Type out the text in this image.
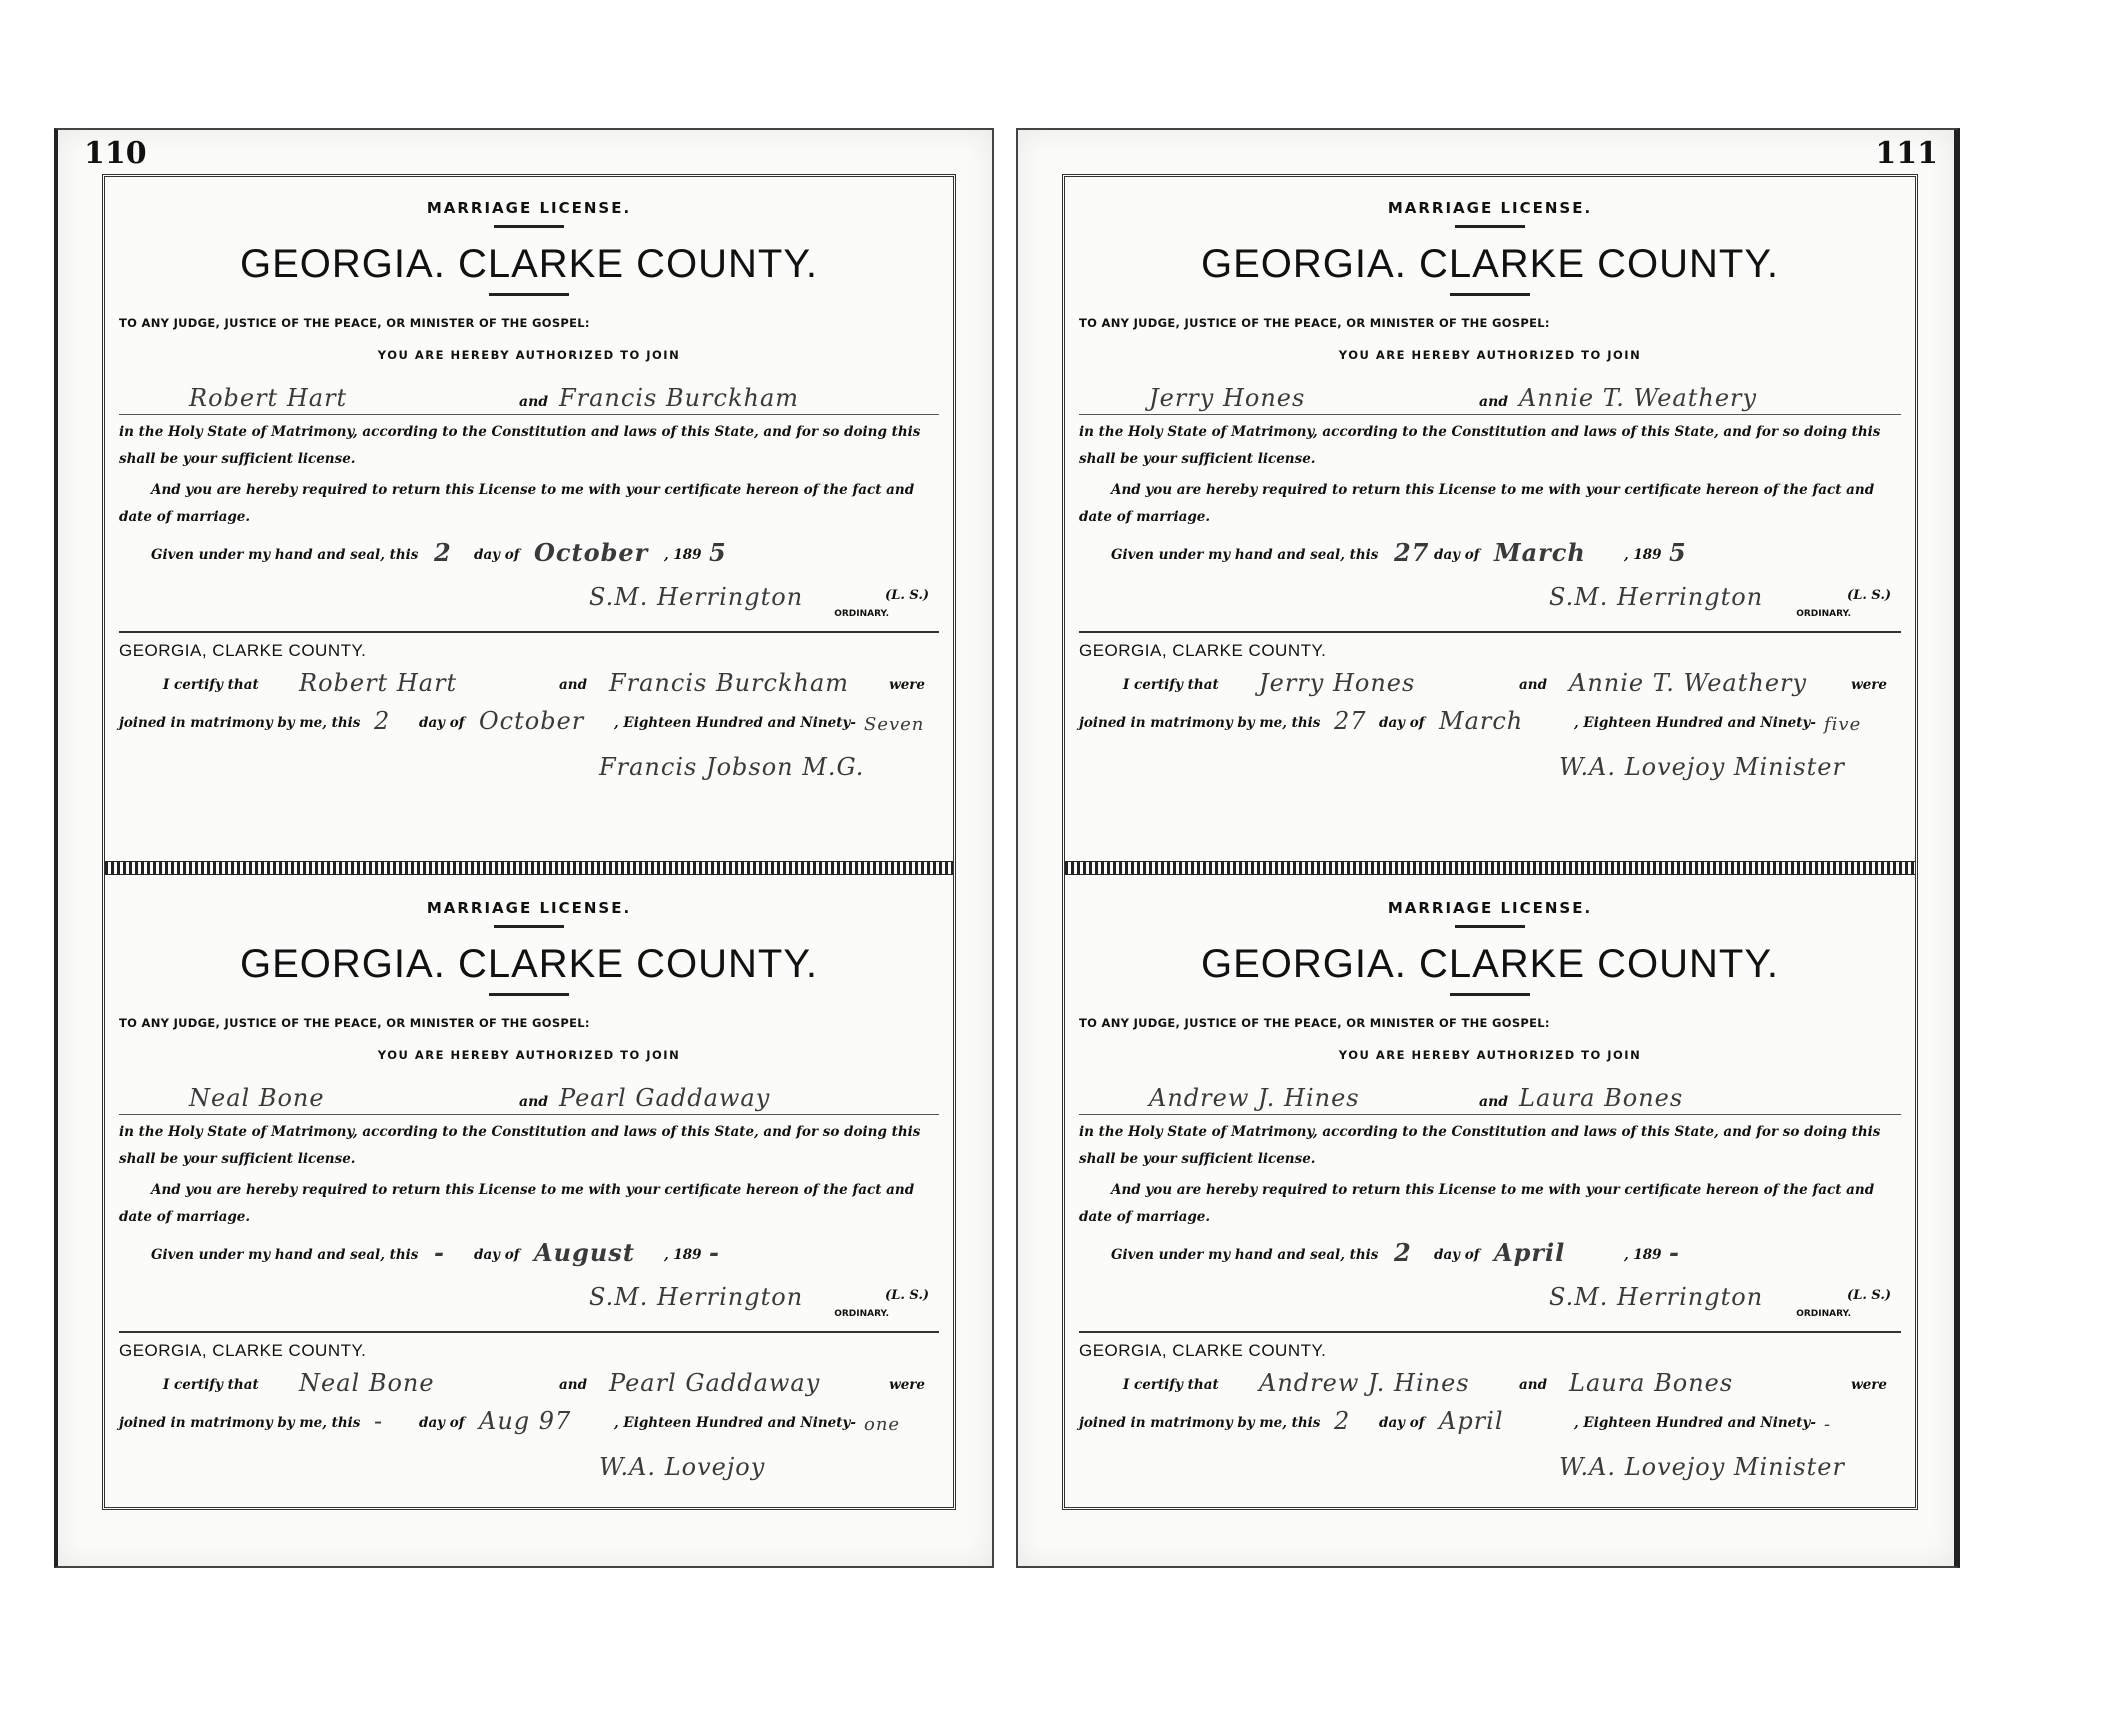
110
MARRIAGE LICENSE.
GEORGIA. CLARKE COUNTY.
TO ANY JUDGE, JUSTICE OF THE PEACE, OR MINISTER OF THE GOSPEL:
YOU ARE HEREBY AUTHORIZED TO JOIN
Robert Hart	and Francis Burckham
in the Holy State of Matrimony, according to the Constitution and laws of this State, and for so doing this shall be your sufficient license.
And you are hereby required to return this License to me with your certificate hereon of the fact and date of marriage.
Given under my hand and seal, this 2 day of October , 189 5
S.M. Herrington	(L. S.)
ORDINARY.
GEORGIA, CLARKE COUNTY.
I certify that Robert Hart	and Francis Burckham	were
joined in matrimony by me, this 2 day of October , Eighteen Hundred and Ninety- Seven
Francis Jobson M.G.
MARRIAGE LICENSE.
GEORGIA. CLARKE COUNTY.
TO ANY JUDGE, JUSTICE OF THE PEACE, OR MINISTER OF THE GOSPEL:
YOU ARE HEREBY AUTHORIZED TO JOIN
Neal Bone	and Pearl Gaddaway
in the Holy State of Matrimony, according to the Constitution and laws of this State, and for so doing this shall be your sufficient license.
And you are hereby required to return this License to me with your certificate hereon of the fact and date of marriage.
Given under my hand and seal, this - day of August , 189 -
S.M. Herrington	(L. S.)
ORDINARY.
GEORGIA, CLARKE COUNTY.
I certify that Neal Bone	and Pearl Gaddaway	were
joined in matrimony by me, this -	day of Aug 97	, Eighteen Hundred and Ninety- one
W.A. Lovejoy
111
MARRIAGE LICENSE.
GEORGIA. CLARKE COUNTY.
TO ANY JUDGE, JUSTICE OF THE PEACE, OR MINISTER OF THE GOSPEL:
YOU ARE HEREBY AUTHORIZED TO JOIN
Jerry Hones	and Annie T. Weathery
in the Holy State of Matrimony, according to the Constitution and laws of this State, and for so doing this shall be your sufficient license.
And you are hereby required to return this License to me with your certificate hereon of the fact and date of marriage.
Given under my hand and seal, this 27 day of March	, 189 5
S.M. Herrington	(L. S.)
ORDINARY.
GEORGIA, CLARKE COUNTY.
I certify that Jerry Hones	and Annie T. Weathery	were
joined in matrimony by me, this 27 day of March	, Eighteen Hundred and Ninety- five
W.A. Lovejoy Minister
MARRIAGE LICENSE.
GEORGIA. CLARKE COUNTY.
TO ANY JUDGE, JUSTICE OF THE PEACE, OR MINISTER OF THE GOSPEL:
YOU ARE HEREBY AUTHORIZED TO JOIN
Andrew J. Hines	and Laura Bones
in the Holy State of Matrimony, according to the Constitution and laws of this State, and for so doing this shall be your sufficient license.
And you are hereby required to return this License to me with your certificate hereon of the fact and date of marriage.
Given under my hand and seal, this 2 day of April	, 189 -
S.M. Herrington	(L. S.)
ORDINARY.
GEORGIA, CLARKE COUNTY.
I certify that Andrew J. Hines	and Laura Bones	were
joined in matrimony by me, this 2 day of April	, Eighteen Hundred and Ninety- -
W.A. Lovejoy Minister
